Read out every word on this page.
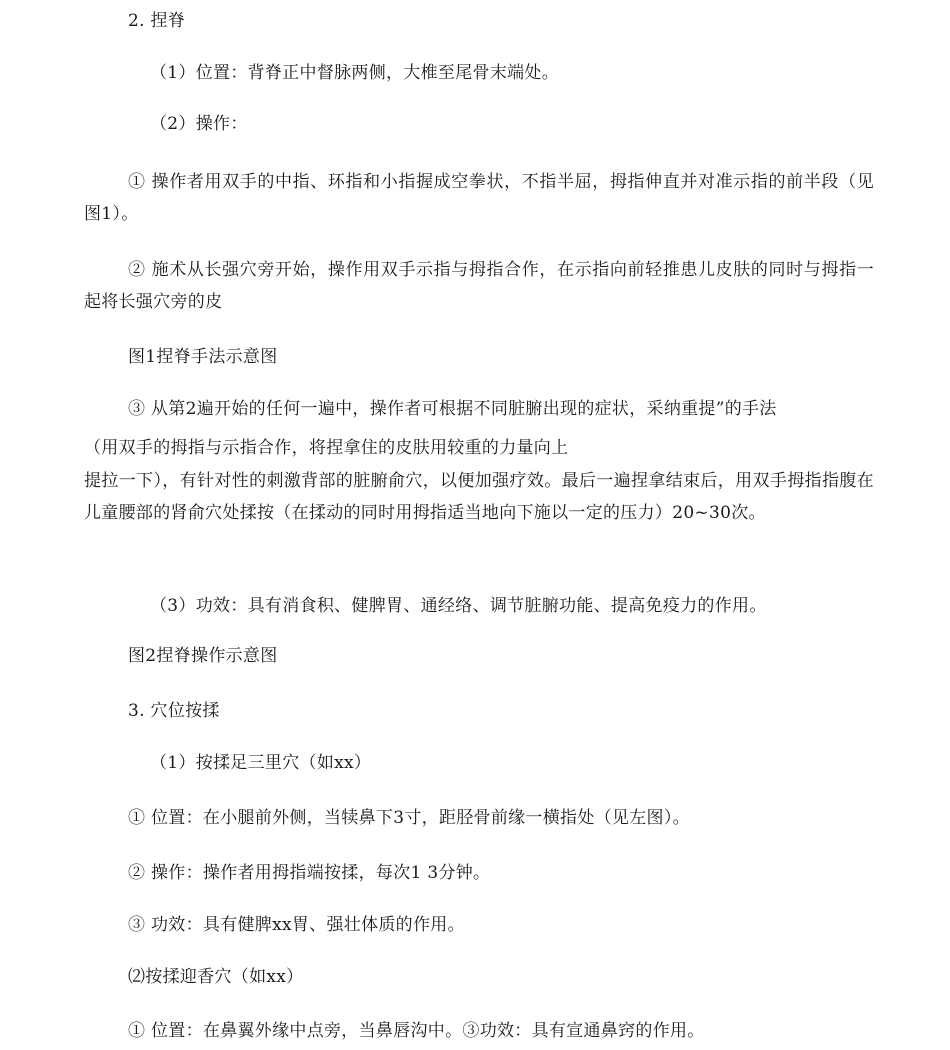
2. 捏脊
（1）位置：背脊正中督脉两侧，大椎至尾骨末端处。
（2）操作：
① 操作者用双手的中指、环指和小指握成空拳状，不指半屈，拇指伸直并对准示指的前半段（见图1）。
② 施术从长强穴旁开始，操作用双手示指与拇指合作，在示指向前轻推患儿皮肤的同时与拇指一起将长强穴旁的皮
图1捏脊手法示意图
③ 从第2遍开始的任何一遍中，操作者可根据不同脏腑出现的症状，采纳重提”的手法
（用双手的拇指与示指合作，将捏拿住的皮肤用较重的力量向上
提拉一下），有针对性的刺激背部的脏腑俞穴，以便加强疗效。最后一遍捏拿结束后，用双手拇指指腹在儿童腰部的肾俞穴处揉按（在揉动的同时用拇指适当地向下施以一定的压力）20~30次。
（3）功效：具有消食积、健脾胃、通经络、调节脏腑功能、提高免疫力的作用。
图2捏脊操作示意图
3. 穴位按揉
（1）按揉足三里穴（如xx）
① 位置：在小腿前外侧，当犊鼻下3寸，距胫骨前缘一横指处（见左图）。
② 操作：操作者用拇指端按揉，每次1 3分钟。
③ 功效：具有健脾xx胃、强壮体质的作用。
⑵按揉迎香穴（如xx）
① 位置：在鼻翼外缘中点旁，当鼻唇沟中。③功效：具有宣通鼻窍的作用。
